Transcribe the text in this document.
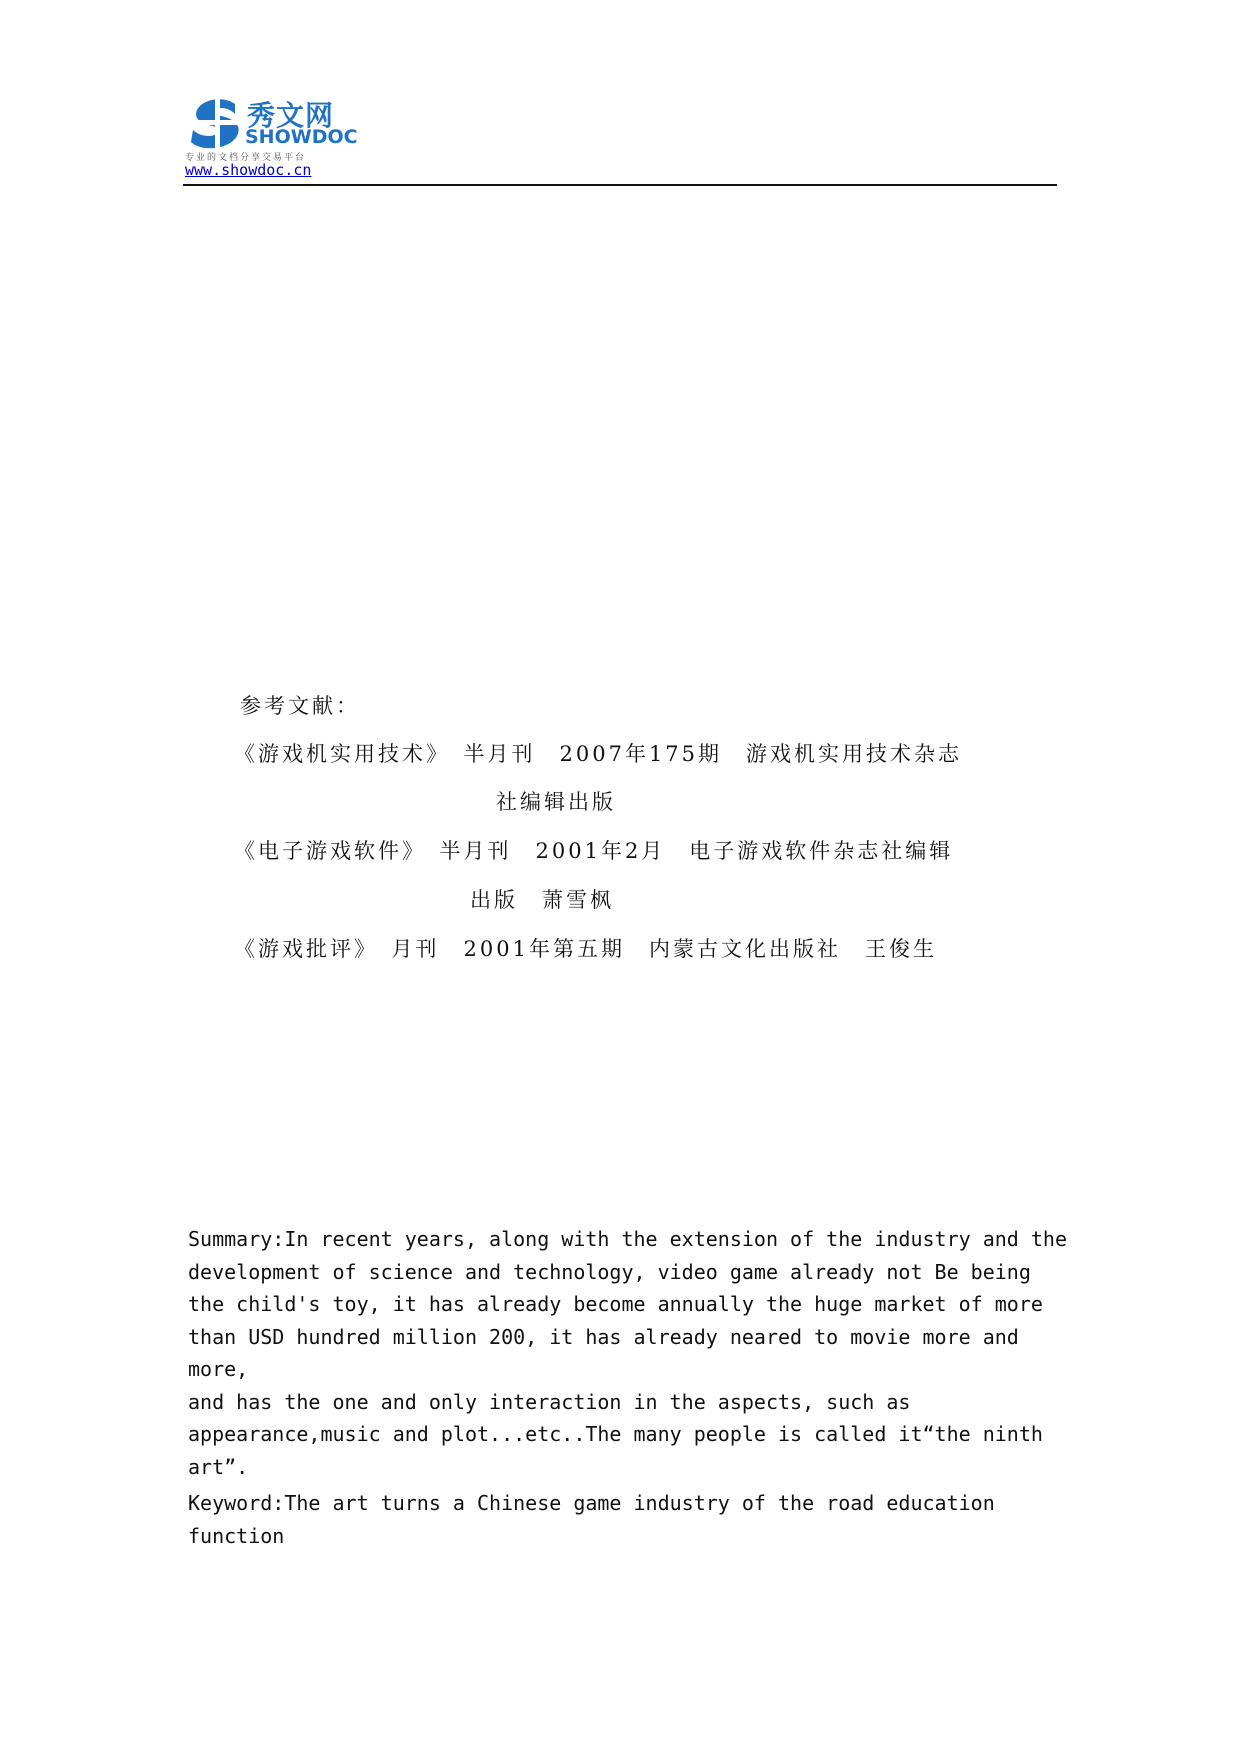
秀文网
SHOWDOC
专业的文档分享交易平台
www.showdoc.cn
参考文献：
《游戏机实用技术》　半月刊　2007年175期　游戏机实用技术杂志
社编辑出版
《电子游戏软件》　半月刊　2001年2月　电子游戏软件杂志社编辑
出版　萧雪枫
《游戏批评》　月刊　2001年第五期　内蒙古文化出版社　王俊生

Summary:In recent years, along with the extension of the industry and the

development of science and technology, video game already not Be being

the child's toy, it has already become annually the huge market of more

than USD hundred million 200, it has already neared to movie more and more,

and has the one and only interaction in the aspects, such as

appearance,music and plot...etc..The many people is called it“the ninth

art”.

Keyword:The art turns a Chinese game industry of the road education

function
